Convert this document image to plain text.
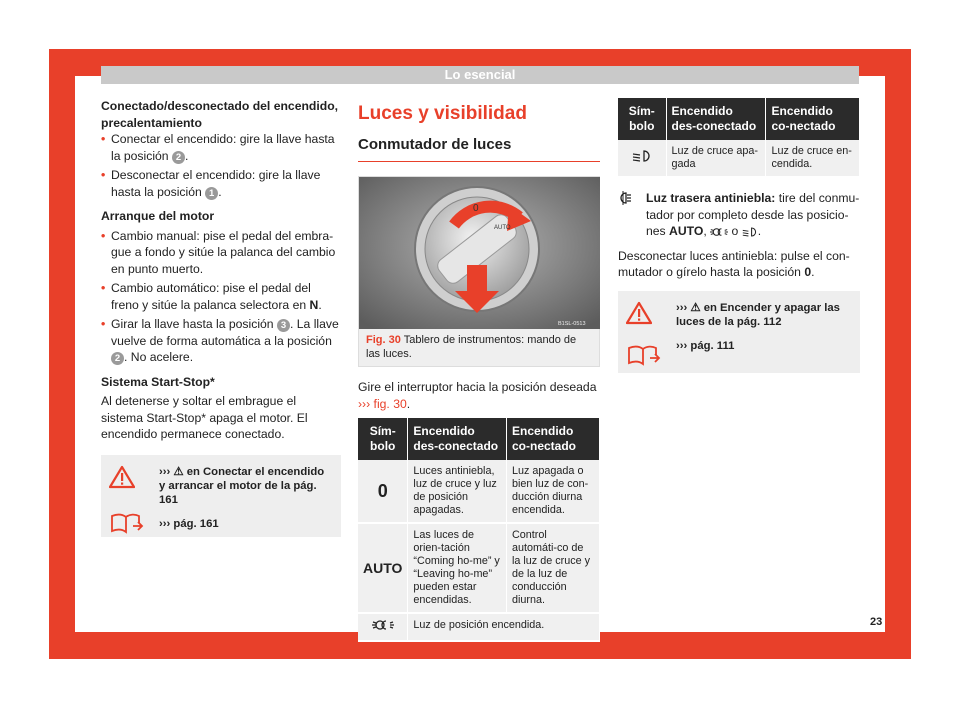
Lo esencial
Conectado/desconectado del encendido, precalentamiento
• Conectar el encendido: gire la llave hasta la posición 2 .
• Desconectar el encendido: gire la llave hasta la posición 1 .
Arranque del motor
• Cambio manual: pise el pedal del embra-gue a fondo y sitúe la palanca del cambio en punto muerto.
• Cambio automático: pise el pedal del freno y sitúe la palanca selectora en N.
• Girar la llave hasta la posición 3 . La llave vuelve de forma automática a la posición 2 . No acelere.
Sistema Start-Stop*

Al detenerse y soltar el embrague el sistema Start-Stop* apaga el motor. El encendido permanece conectado.

››› ⚠ en Conectar el encendido y arrancar el motor de la pág. 161
››› pág. 161
Luces y visibilidad
Conmutador de luces
0
AUTO
B1SL-0513
Fig. 30 Tablero de instrumentos: mando de las luces.

Gire el interruptor hacia la posición deseada ››› fig. 30.

Sím-bolo	Encendido des-conectado	Encendido co-nectado
0	Luces antiniebla, luz de cruce y luz de posición apagadas.	Luz apagada o bien luz de con-ducción diurna encendida.
AUTO	Las luces de orien-tación “Coming ho-me” y “Leaving ho-me” pueden estar encendidas.	Control automáti-co de la luz de cruce y de la luz de conducción diurna.
	Luz de posición encendida.	
Sím-bolo	Encendido des-conectado	Encendido co-nectado
	Luz de cruce apa-gada	Luz de cruce en-cendida.
Luz trasera antiniebla: tire del conmu-tador por completo desde las posicio-nes AUTO,  o .

Desconectar luces antiniebla: pulse el con-mutador o gírelo hasta la posición 0.

››› ⚠ en Encender y apagar las luces de la pág. 112
››› pág. 111
23
